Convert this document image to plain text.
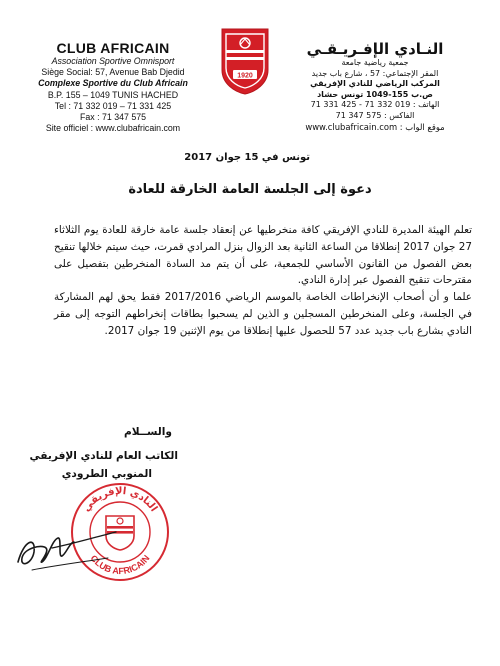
CLUB AFRICAIN
Association Sportive Omnisport
Siège Social: 57, Avenue Bab Djedid
Complexe Sportive du Club Africain
B.P. 155 – 1049 TUNIS HACHED
Tel : 71 332 019 – 71 331 425
Fax : 71 347 575
Site officiel : www.clubafricain.com
1920
النـادي الإفـريـقـي
جمعية رياضية جامعة
المقر الإجتماعي: 57 ، شارع باب جديد
المركب الرياضي للنادي الإفريقي
ص.ب 155-1049 تونس حشاد
الهاتف : 019 332 71 - 425 331 71
الفاكس : 575 347 71
موقع الواب : www.clubafricain.com
تونس في 15 جوان 2017
دعوة إلى الجلسة العامة الخارقة للعادة
تعلم الهيئة المديرة للنادي الإفريقي كافة منخرطيها عن إنعقاد جلسة عامة خارقة للعادة يوم الثلاثاء 27 جوان 2017 إنطلاقا من الساعة الثانية بعد الزوال بنزل المرادي قمرت، حيث سيتم خلالها تنقيح بعض الفصول من القانون الأساسي للجمعية، على أن يتم مد السادة المنخرطين بتفصيل على مقترحات تنقيح الفصول عبر إدارة النادي.
علما و أن أصحاب الإنخراطات الخاصة بالموسم الرياضي 2017/2016 فقط يحق لهم المشاركة في الجلسة، وعلى المنخرطين المسجلين و الذين لم يسحبوا بطاقات إنخراطهم التوجه إلى مقر النادي بشارع باب جديد عدد 57 للحصول عليها إنطلاقا من يوم الإثنين 19 جوان 2017.
والســلام
الكاتب العام للنادي الإفريقي
المنوبي الطرودي
النادي الإفريقي
CLUB AFRICAIN
